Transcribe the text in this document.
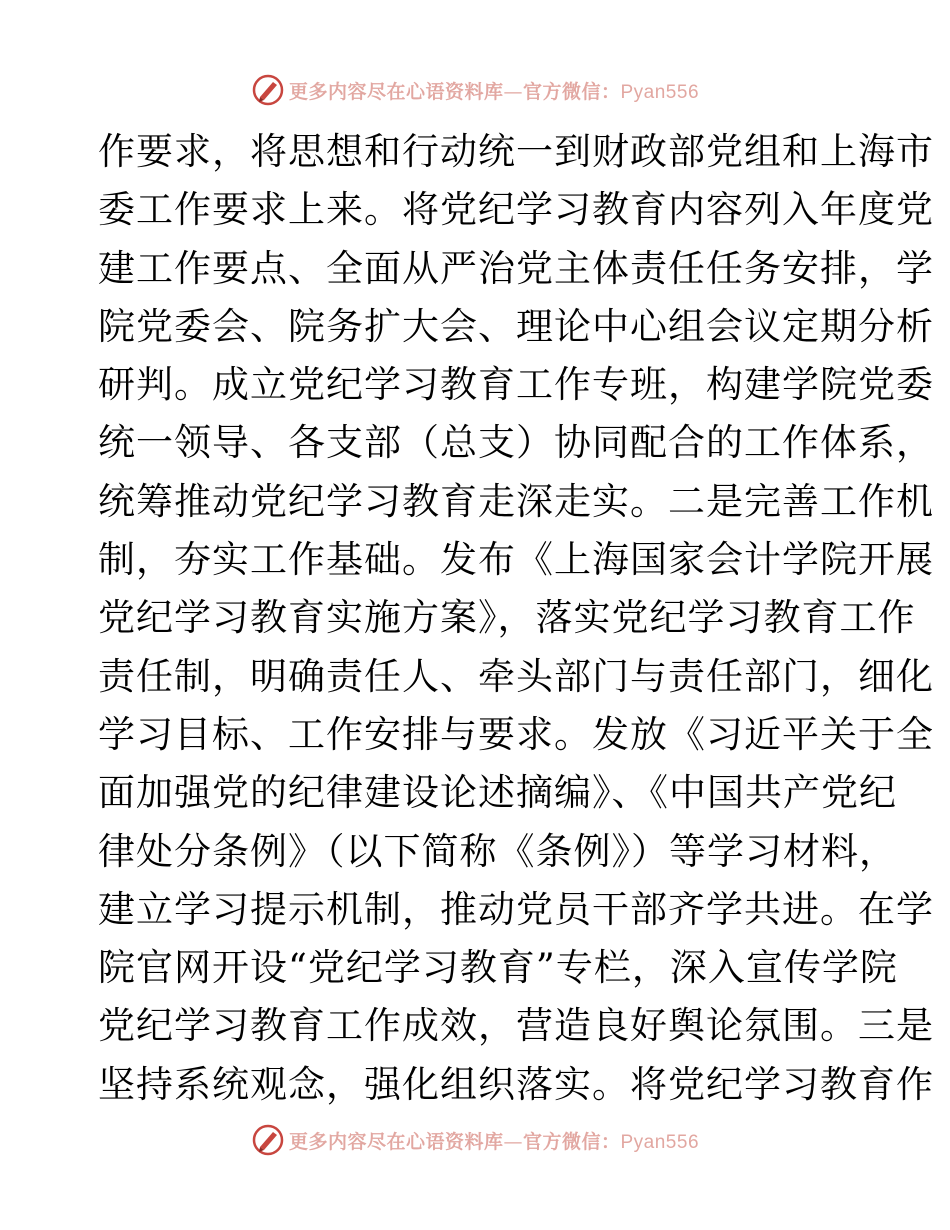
更多内容尽在心语资料库—官方微信：Pyan556
作要求，将思想和行动统一到财政部党组和上海市
委工作要求上来。将党纪学习教育内容列入年度党
建工作要点、全面从严治党主体责任任务安排，学
院党委会、院务扩大会、理论中心组会议定期分析
研判。成立党纪学习教育工作专班，构建学院党委
统一领导、各支部（总支）协同配合的工作体系，
统筹推动党纪学习教育走深走实。二是完善工作机
制，夯实工作基础。发布《上海国家会计学院开展
党纪学习教育实施方案》，落实党纪学习教育工作
责任制，明确责任人、牵头部门与责任部门，细化
学习目标、工作安排与要求。发放《习近平关于全
面加强党的纪律建设论述摘编》、《中国共产党纪
律处分条例》（以下简称《条例》）等学习材料，
建立学习提示机制，推动党员干部齐学共进。在学
院官网开设“党纪学习教育”专栏，深入宣传学院
党纪学习教育工作成效，营造良好舆论氛围。三是
坚持系统观念，强化组织落实。将党纪学习教育作
更多内容尽在心语资料库—官方微信：Pyan556
